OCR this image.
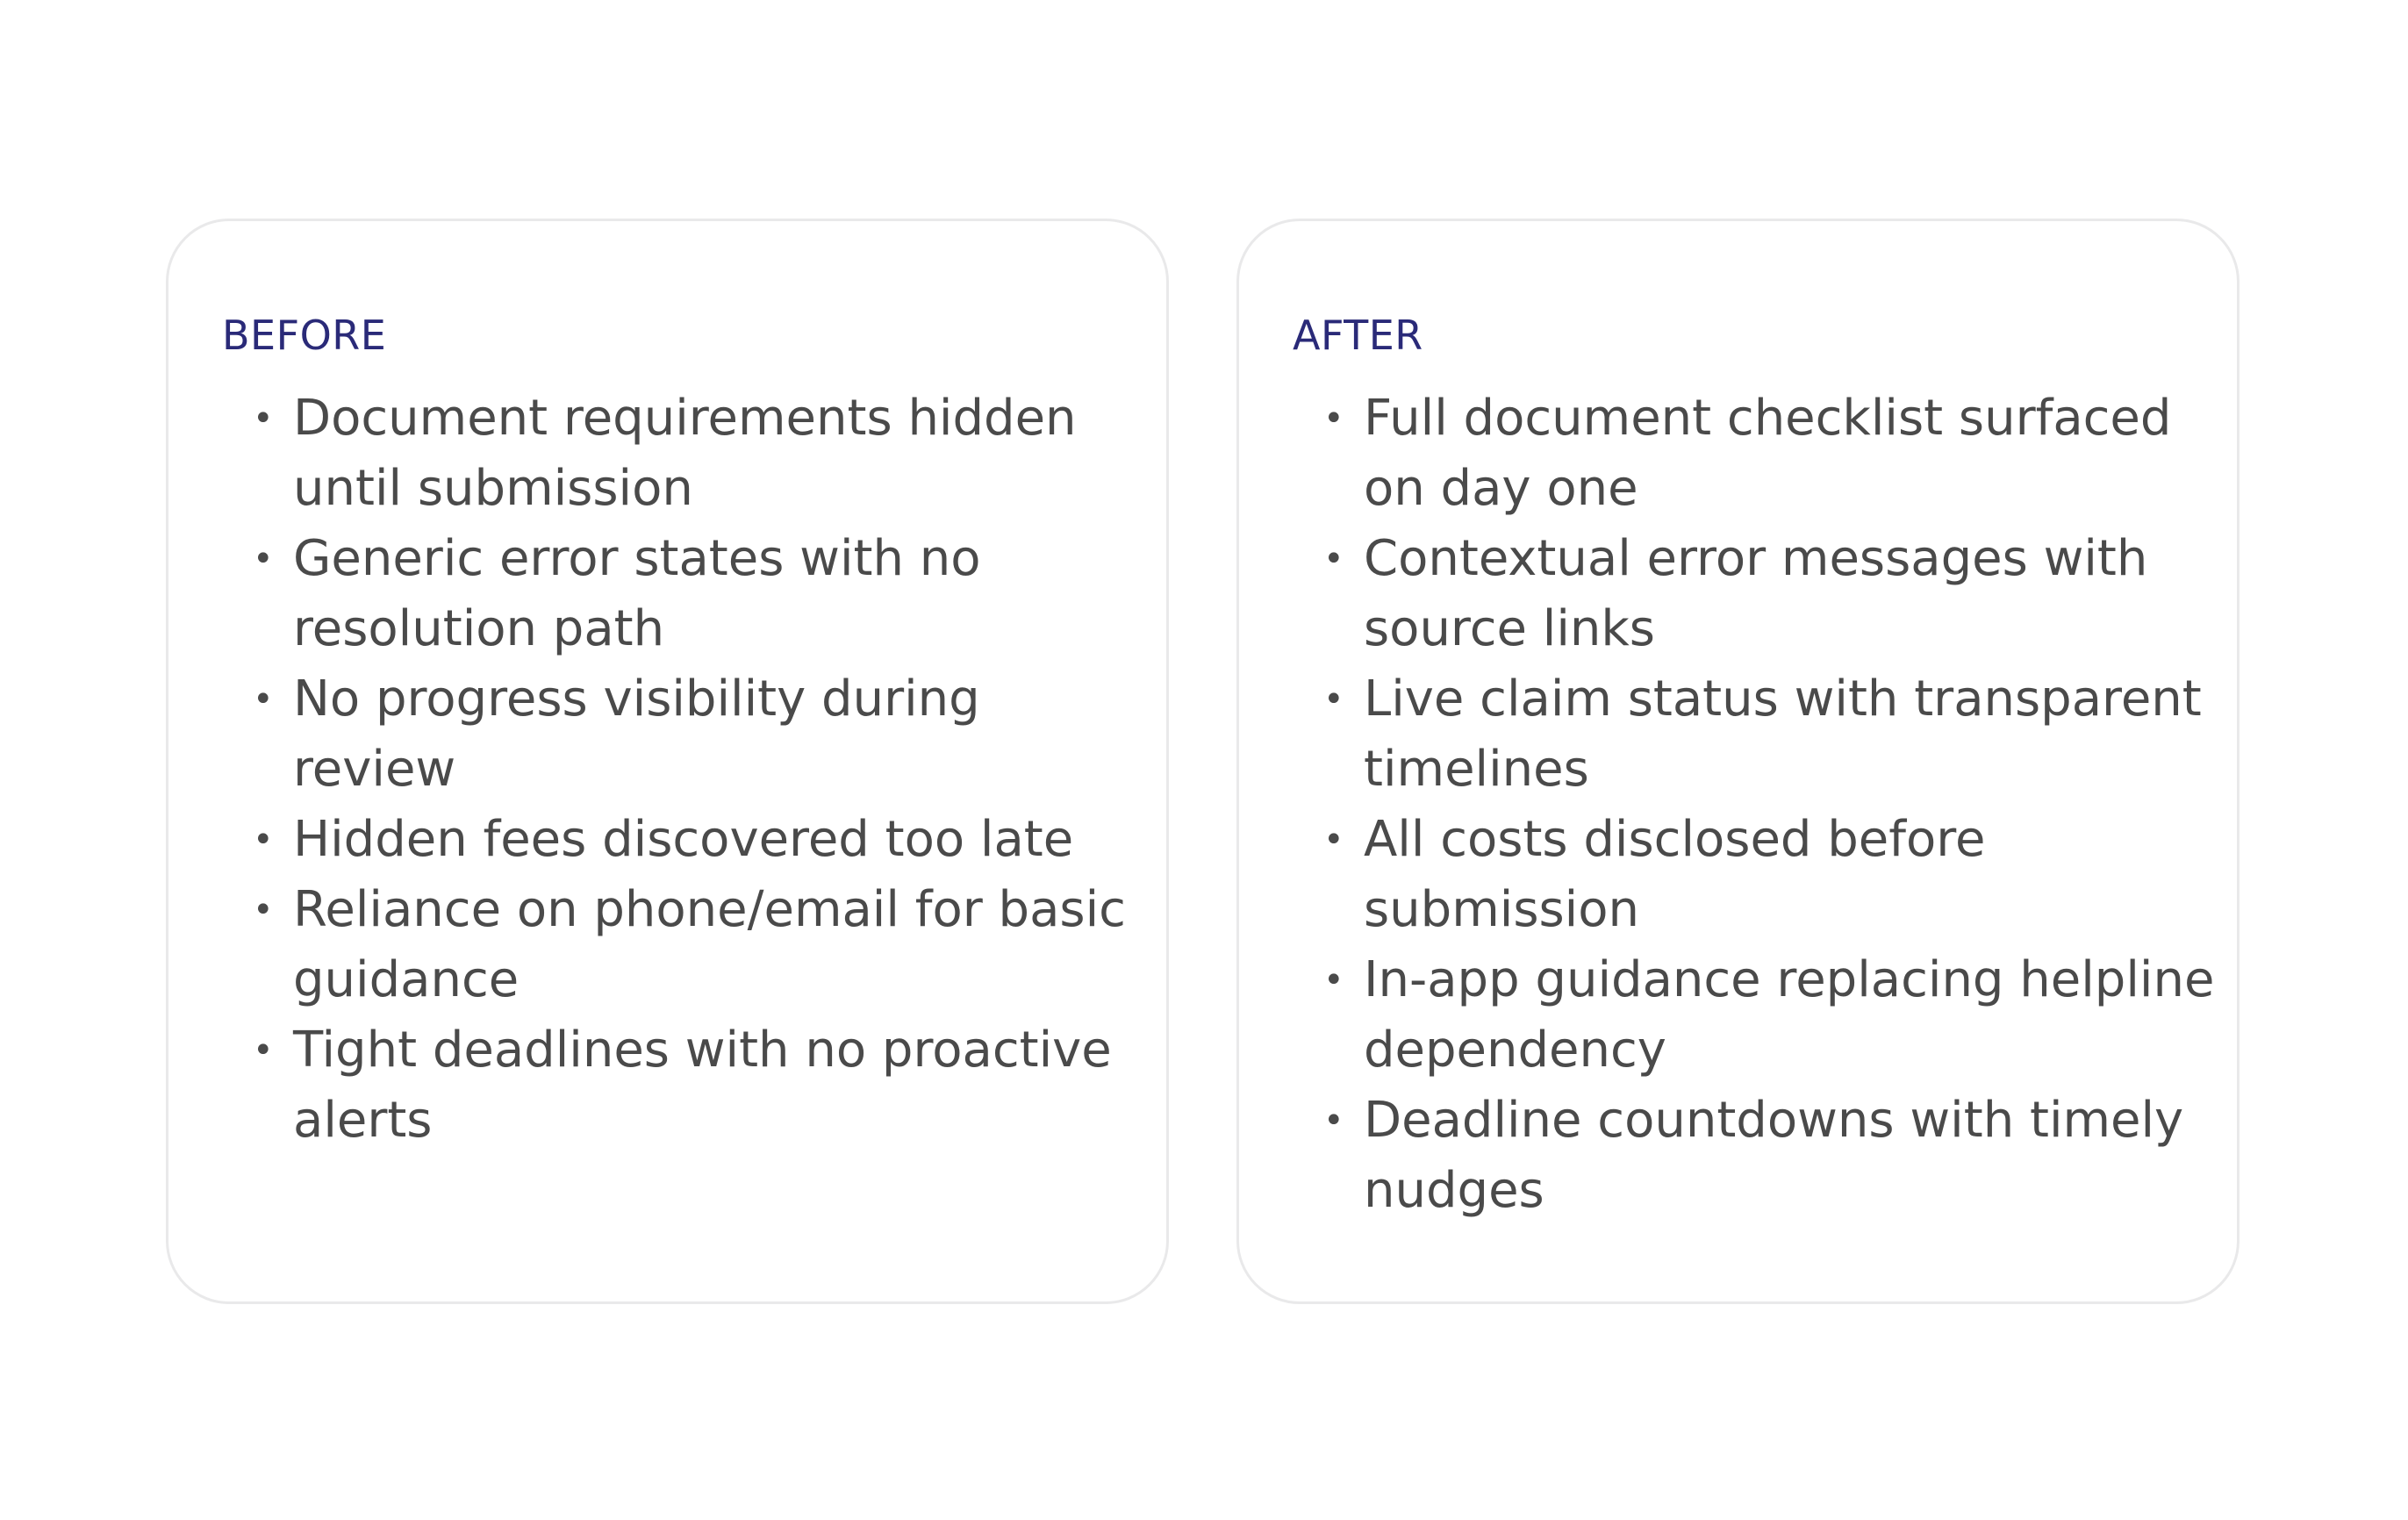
BEFORE
• Document requirements hidden until submission
• Generic error states with no resolution path
• No progress visibility during review
• Hidden fees discovered too late
• Reliance on phone/email for basic guidance
• Tight deadlines with no proactive alerts
AFTER
• Full document checklist surfaced on day one
• Contextual error messages with source links
• Live claim status with transparent timelines
• All costs disclosed before submission
• In-app guidance replacing helpline dependency
• Deadline countdowns with timely nudges
